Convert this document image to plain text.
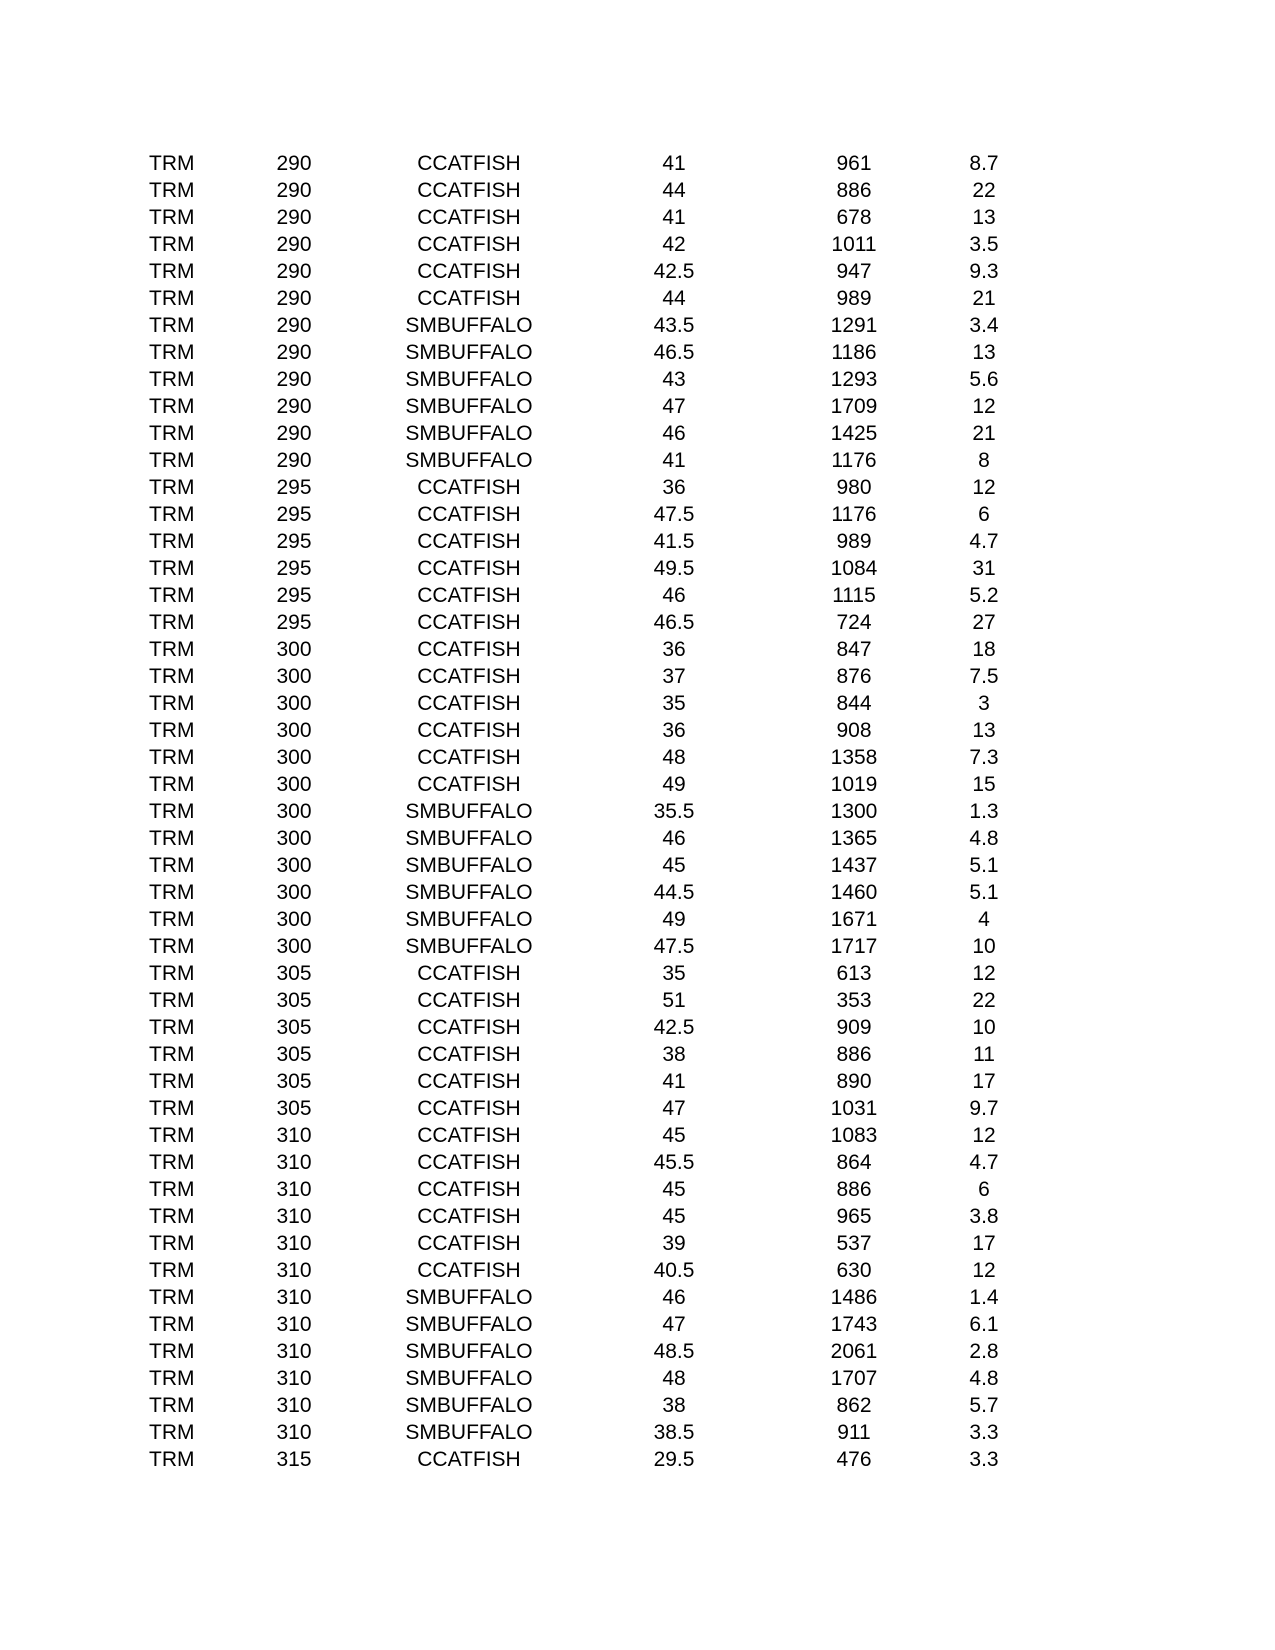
TRM	290	CCATFISH	41	961	8.7
TRM	290	CCATFISH	44	886	22
TRM	290	CCATFISH	41	678	13
TRM	290	CCATFISH	42	1011	3.5
TRM	290	CCATFISH	42.5	947	9.3
TRM	290	CCATFISH	44	989	21
TRM	290	SMBUFFALO	43.5	1291	3.4
TRM	290	SMBUFFALO	46.5	1186	13
TRM	290	SMBUFFALO	43	1293	5.6
TRM	290	SMBUFFALO	47	1709	12
TRM	290	SMBUFFALO	46	1425	21
TRM	290	SMBUFFALO	41	1176	8
TRM	295	CCATFISH	36	980	12
TRM	295	CCATFISH	47.5	1176	6
TRM	295	CCATFISH	41.5	989	4.7
TRM	295	CCATFISH	49.5	1084	31
TRM	295	CCATFISH	46	1115	5.2
TRM	295	CCATFISH	46.5	724	27
TRM	300	CCATFISH	36	847	18
TRM	300	CCATFISH	37	876	7.5
TRM	300	CCATFISH	35	844	3
TRM	300	CCATFISH	36	908	13
TRM	300	CCATFISH	48	1358	7.3
TRM	300	CCATFISH	49	1019	15
TRM	300	SMBUFFALO	35.5	1300	1.3
TRM	300	SMBUFFALO	46	1365	4.8
TRM	300	SMBUFFALO	45	1437	5.1
TRM	300	SMBUFFALO	44.5	1460	5.1
TRM	300	SMBUFFALO	49	1671	4
TRM	300	SMBUFFALO	47.5	1717	10
TRM	305	CCATFISH	35	613	12
TRM	305	CCATFISH	51	353	22
TRM	305	CCATFISH	42.5	909	10
TRM	305	CCATFISH	38	886	11
TRM	305	CCATFISH	41	890	17
TRM	305	CCATFISH	47	1031	9.7
TRM	310	CCATFISH	45	1083	12
TRM	310	CCATFISH	45.5	864	4.7
TRM	310	CCATFISH	45	886	6
TRM	310	CCATFISH	45	965	3.8
TRM	310	CCATFISH	39	537	17
TRM	310	CCATFISH	40.5	630	12
TRM	310	SMBUFFALO	46	1486	1.4
TRM	310	SMBUFFALO	47	1743	6.1
TRM	310	SMBUFFALO	48.5	2061	2.8
TRM	310	SMBUFFALO	48	1707	4.8
TRM	310	SMBUFFALO	38	862	5.7
TRM	310	SMBUFFALO	38.5	911	3.3
TRM	315	CCATFISH	29.5	476	3.3
